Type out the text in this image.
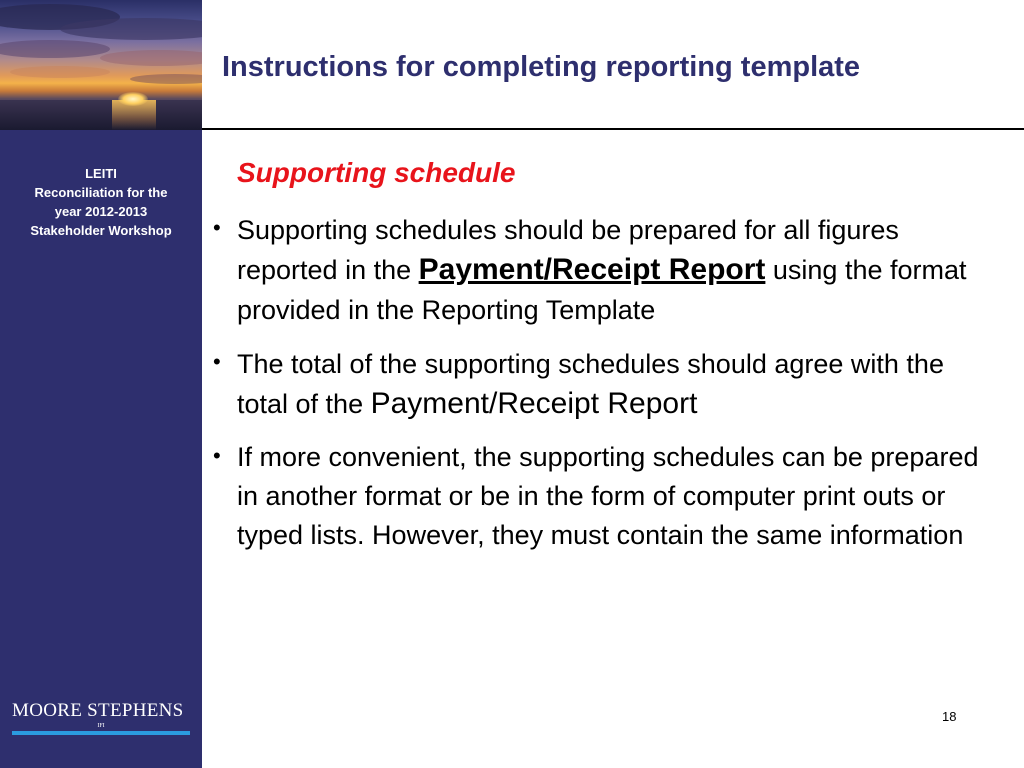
LEITI
Reconciliation for the
year 2012-2013
Stakeholder Workshop
MOORE STEPHENS
IFI
Instructions for completing reporting template
Supporting schedule
• Supporting schedules should be prepared for all figures reported in the Payment/Receipt Report using the format provided in the Reporting Template
• The total of the supporting schedules should agree with the total of the Payment/Receipt Report
• If more convenient, the supporting schedules can be prepared in another format or be in the form of computer print outs or typed lists. However, they must contain the same information
18
